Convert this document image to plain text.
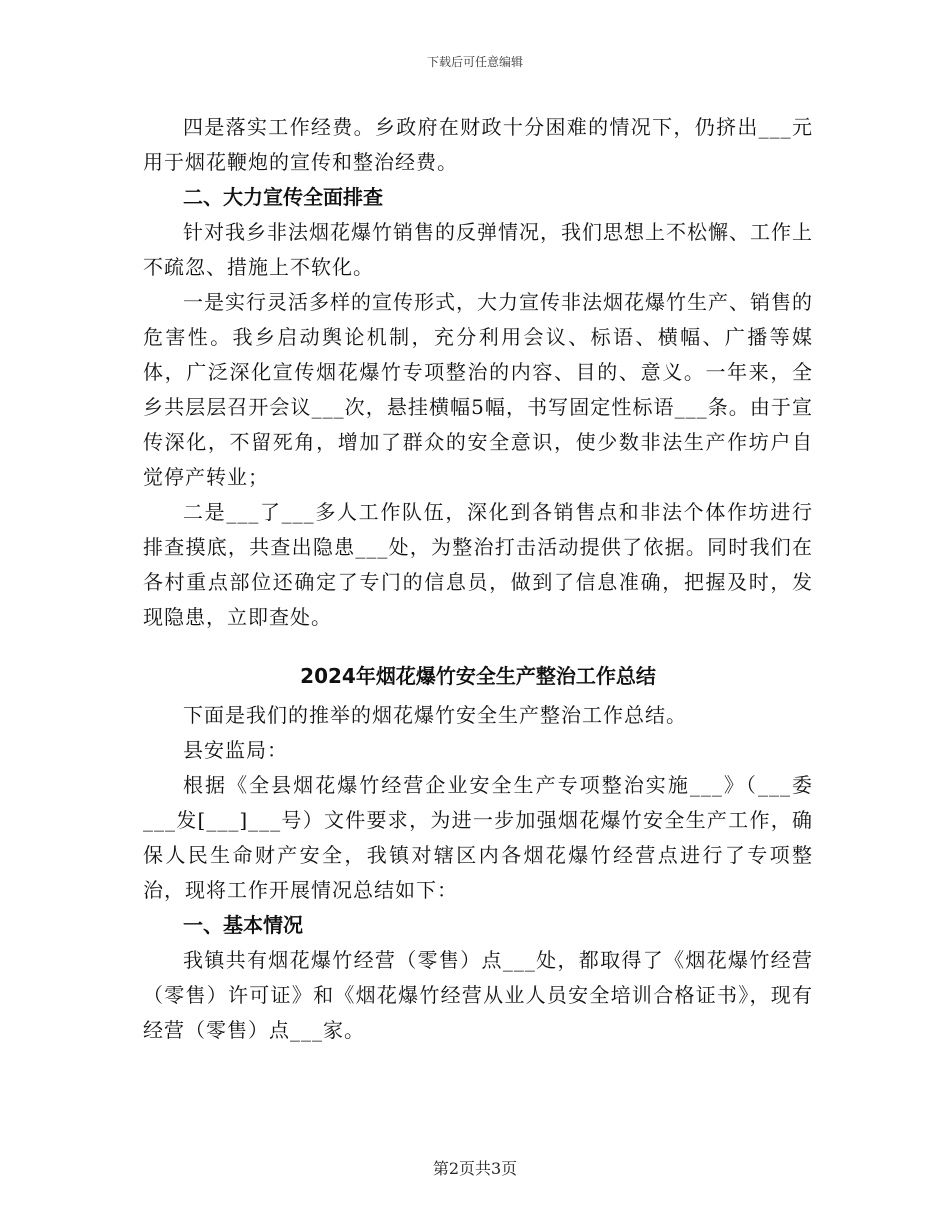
下载后可任意编辑

四是落实工作经费。乡政府在财政十分困难的情况下，仍挤出___元用于烟花鞭炮的宣传和整治经费。

二、大力宣传全面排查

针对我乡非法烟花爆竹销售的反弹情况，我们思想上不松懈、工作上不疏忽、措施上不软化。

一是实行灵活多样的宣传形式，大力宣传非法烟花爆竹生产、销售的危害性。我乡启动舆论机制，充分利用会议、标语、横幅、广播等媒体，广泛深化宣传烟花爆竹专项整治的内容、目的、意义。一年来，全乡共层层召开会议___次，悬挂横幅5幅，书写固定性标语___条。由于宣传深化，不留死角，增加了群众的安全意识，使少数非法生产作坊户自觉停产转业；

二是___了___多人工作队伍，深化到各销售点和非法个体作坊进行排查摸底，共查出隐患___处，为整治打击活动提供了依据。同时我们在各村重点部位还确定了专门的信息员，做到了信息准确，把握及时，发现隐患，立即查处。

2024年烟花爆竹安全生产整治工作总结

下面是我们的推举的烟花爆竹安全生产整治工作总结。

县安监局：

根据《全县烟花爆竹经营企业安全生产专项整治实施___》（___委___发[___]___号）文件要求，为进一步加强烟花爆竹安全生产工作，确保人民生命财产安全，我镇对辖区内各烟花爆竹经营点进行了专项整治，现将工作开展情况总结如下：

一、基本情况

我镇共有烟花爆竹经营（零售）点___处，都取得了《烟花爆竹经营（零售）许可证》和《烟花爆竹经营从业人员安全培训合格证书》，现有经营（零售）点___家。

第2页共3页
